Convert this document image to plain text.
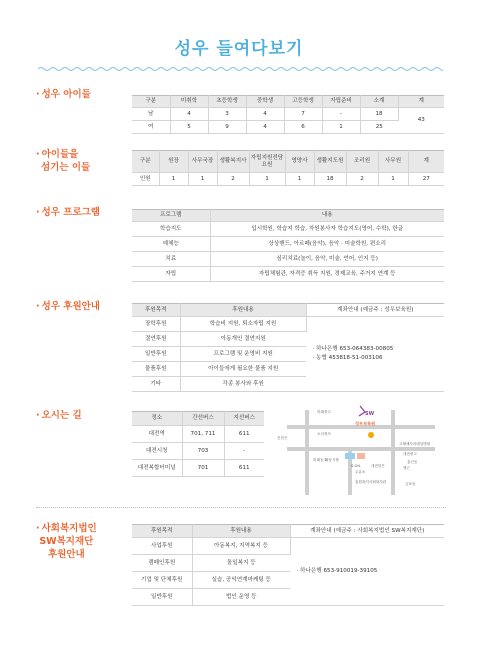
성우 들여다보기
· 성우 아이들
구분	미취학	초등학생	중학생	고등학생	자립준비	소계	계
남	4	3	4	7	-	18	43
여	5	9	4	6	1	25	
· 아이들을
섬기는 이들
구분	원장	사무국장	생활복지사	자립지원전담요원	영양사	생활지도원	조리원	사무원	계
인원	1	1	2	1	1	18	2	1	27
· 성우 프로그램	프로그램	내용
학습지도	입시학원, 학습지 학습, 자원봉사자 학습지도(영어, 수학), 한글
예체능	상상밴드, 아르떼(음악), 음악 · 미술학원, 편소리
치료	심리치료(놀이, 음악, 미술, 언어, 인지 등)
자립	자립체험관, 자격증 취득 지원, 경제교육, 주거지 연계 등
· 성우 후원안내	후원목적	후원내용	계좌안내 (예금주 : 성우보육원)
장학후원	학습비 지원, 퇴소자립 지원	· 하나은행 653-064383-00805
· 농협 453818-51-003106

결연후원	아동개인 결연지원	
일반후원	프로그램 및 운영비 지원	
물품후원	아이들에게 필요한 물품 지원	
기타	각종 봉사와 후원	
· 오시는 길	정소	간선버스	지선버스
대전역	701, 711	611
대전시청	703	-
대전복합터미널	701	611
SW
성우보육원
미래중고
신한은
오리정사
고제매사리매일병원
대전중고
S-OIL	대전한은
주유소
흥신동
엘근
미래공주
좌동시장
홍원복지사회복지관	금포동
· 사회복지법인
SW복지재단
후원안내
후원목적	후원내용	계좌안내 (예금주 : 사회복지법인 SW복지재단)
사업후원	아동복지, 지역복지 등	· 하나은행 653-910019-39105
캠페인후원	돌잎복지 등	
기업 및 단체후원	실습, 공익연계마케팅 등	
일반후원	법인 운영 등	
